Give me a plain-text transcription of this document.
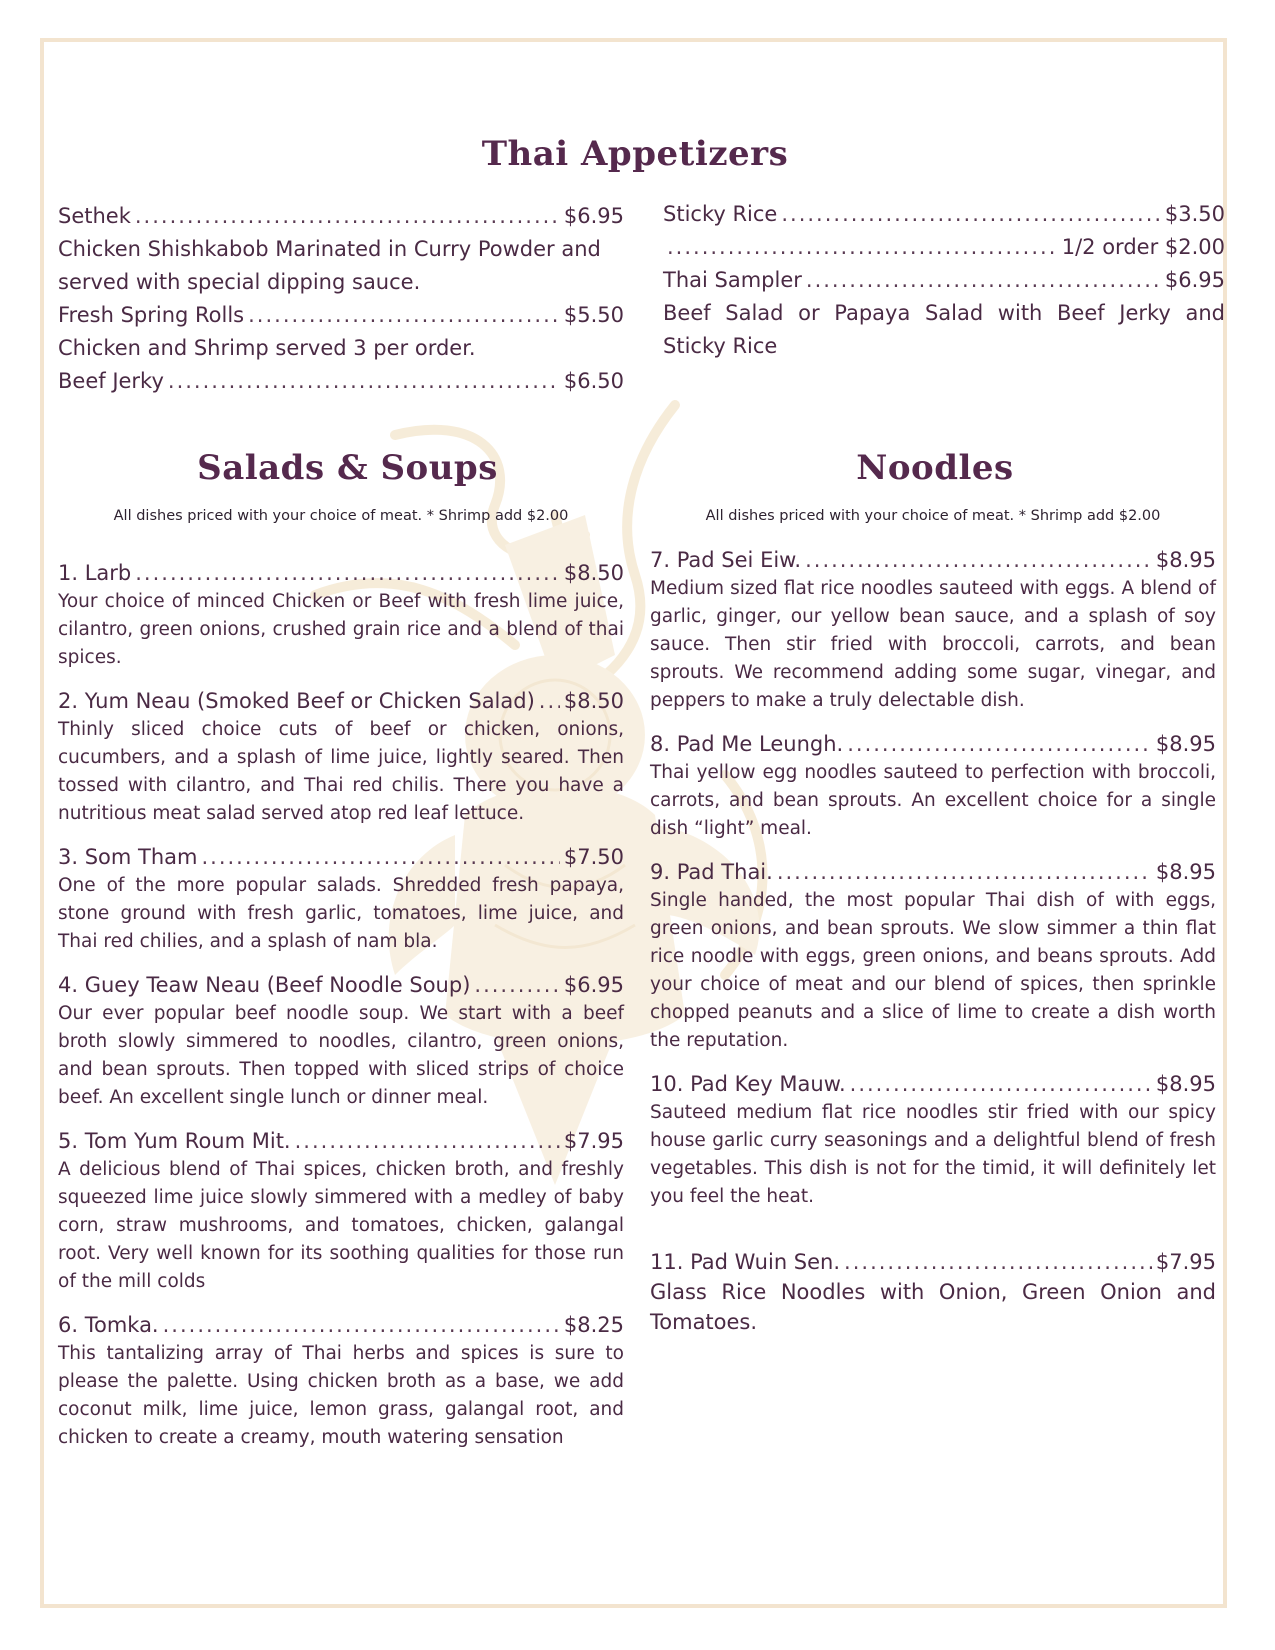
Thai Appetizers
Sethek .....	$6.95

Chicken Shishkabob Marinated in Curry Powder and served with special dipping sauce.

Fresh Spring Rolls .....	$5.50

Chicken and Shrimp served 3 per order.

Beef Jerky .....	$6.50
Sticky Rice .....	$3.50
.....
1/2 order $2.00
Thai Sampler .....	$6.95

Beef Salad or Papaya Salad with Beef Jerky and Sticky Rice

Salads & Soups

All dishes priced with your choice of meat. * Shrimp add $2.00

1. Larb .....	$8.50

Your choice of minced Chicken or Beef with fresh lime juice, cilantro, green onions, crushed grain rice and a blend of thai spices.

2. Yum Neau (Smoked Beef or Chicken Salad) ..... $8.50

Thinly sliced choice cuts of beef or chicken, onions, cucumbers, and a splash of lime juice, lightly seared. Then tossed with cilantro, and Thai red chilis. There you have a nutritious meat salad served atop red leaf lettuce.

3. Som Tham .....	$7.50

One of the more popular salads. Shredded fresh papaya, stone ground with fresh garlic, tomatoes, lime juice, and Thai red chilies, and a splash of nam bla.

4. Guey Teaw Neau (Beef Noodle Soup) .....	$6.95

Our ever popular beef noodle soup. We start with a beef broth slowly simmered to noodles, cilantro, green onions, and bean sprouts. Then topped with sliced strips of choice beef. An excellent single lunch or dinner meal.

5. Tom Yum Roum Mit. .....	$7.95

A delicious blend of Thai spices, chicken broth, and freshly squeezed lime juice slowly simmered with a medley of baby corn, straw mushrooms, and tomatoes, chicken, galangal root. Very well known for its soothing qualities for those run of the mill colds

6. Tomka. .....	$8.25

This tantalizing array of Thai herbs and spices is sure to please the palette. Using chicken broth as a base, we add coconut milk, lime juice, lemon grass, galangal root, and chicken to create a creamy, mouth watering sensation

Noodles

All dishes priced with your choice of meat. * Shrimp add $2.00

7. Pad Sei Eiw. .....	$8.95

Medium sized flat rice noodles sauteed with eggs. A blend of garlic, ginger, our yellow bean sauce, and a splash of soy sauce. Then stir fried with broccoli, carrots, and bean sprouts. We recommend adding some sugar, vinegar, and peppers to make a truly delectable dish.

8. Pad Me Leungh. .....	$8.95

Thai yellow egg noodles sauteed to perfection with broccoli, carrots, and bean sprouts. An excellent choice for a single dish “light” meal.

9. Pad Thai. .....	$8.95

Single handed, the most popular Thai dish of with eggs, green onions, and bean sprouts. We slow simmer a thin flat rice noodle with eggs, green onions, and beans sprouts. Add your choice of meat and our blend of spices, then sprinkle chopped peanuts and a slice of lime to create a dish worth the reputation.

10. Pad Key Mauw. .....	$8.95

Sauteed medium flat rice noodles stir fried with our spicy house garlic curry seasonings and a delightful blend of fresh vegetables. This dish is not for the timid, it will definitely let you feel the heat.

11. Pad Wuin Sen. .....	$7.95

Glass Rice Noodles with Onion, Green Onion and Tomatoes.
